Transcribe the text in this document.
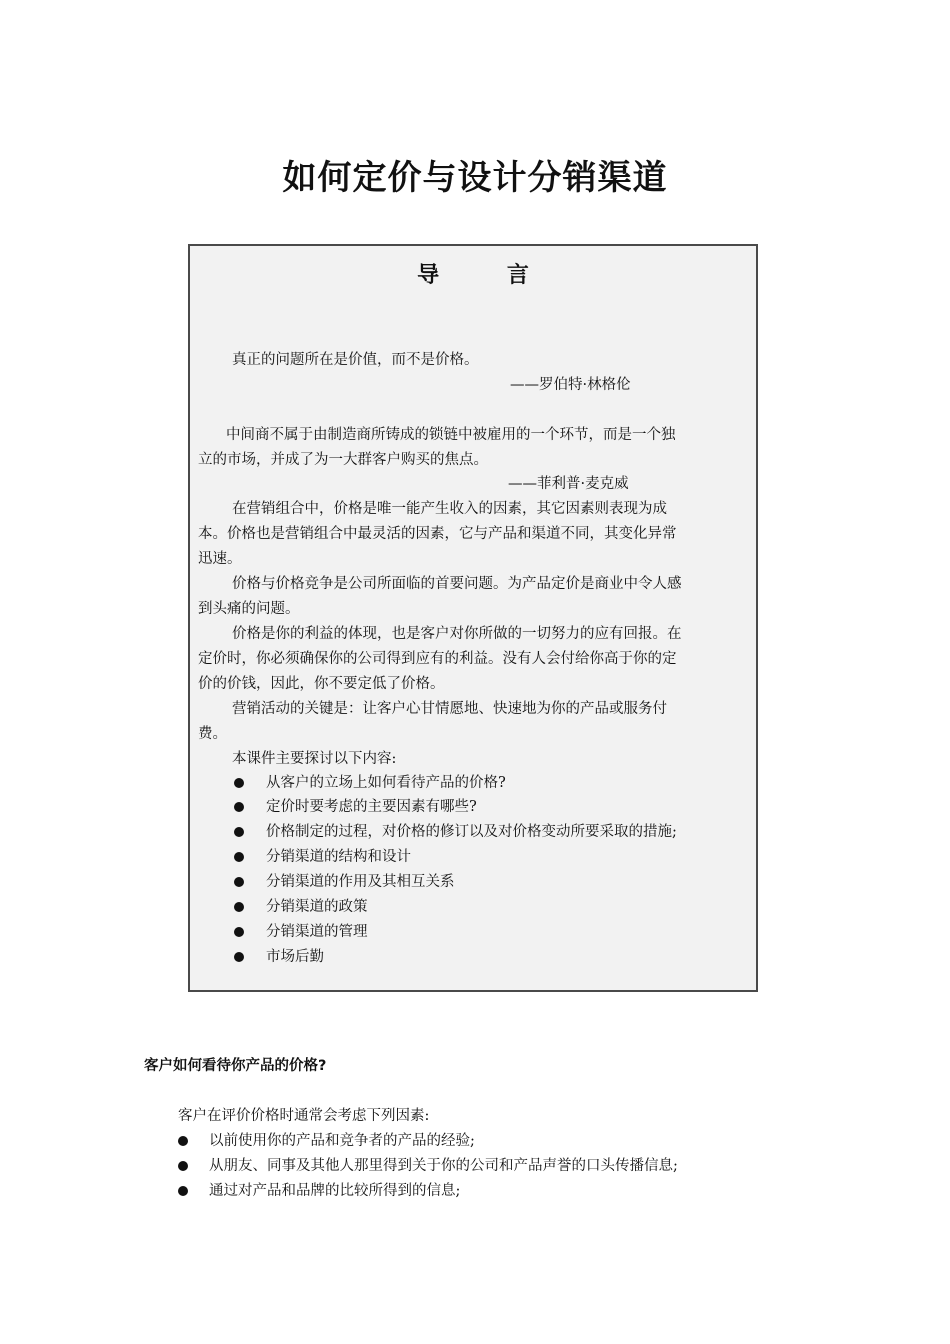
如何定价与设计分销渠道
导 言
真正的问题所在是价值，而不是价格。
——罗伯特·林格伦
中间商不属于由制造商所铸成的锁链中被雇用的一个环节，而是一个独
立的市场，并成了为一大群客户购买的焦点。
——菲利普·麦克威
在营销组合中，价格是唯一能产生收入的因素，其它因素则表现为成
本。价格也是营销组合中最灵活的因素，它与产品和渠道不同，其变化异常
迅速。
价格与价格竞争是公司所面临的首要问题。为产品定价是商业中令人感
到头痛的问题。
价格是你的利益的体现，也是客户对你所做的一切努力的应有回报。在
定价时，你必须确保你的公司得到应有的利益。没有人会付给你高于你的定
价的价钱，因此，你不要定低了价格。
营销活动的关键是：让客户心甘情愿地、快速地为你的产品或服务付
费。
本课件主要探讨以下内容:
从客户的立场上如何看待产品的价格?
定价时要考虑的主要因素有哪些?
价格制定的过程，对价格的修订以及对价格变动所要采取的措施;
分销渠道的结构和设计
分销渠道的作用及其相互关系
分销渠道的政策
分销渠道的管理
市场后勤
客户如何看待你产品的价格?
客户在评价价格时通常会考虑下列因素:
以前使用你的产品和竞争者的产品的经验;
从朋友、同事及其他人那里得到关于你的公司和产品声誉的口头传播信息;
通过对产品和品牌的比较所得到的信息;
